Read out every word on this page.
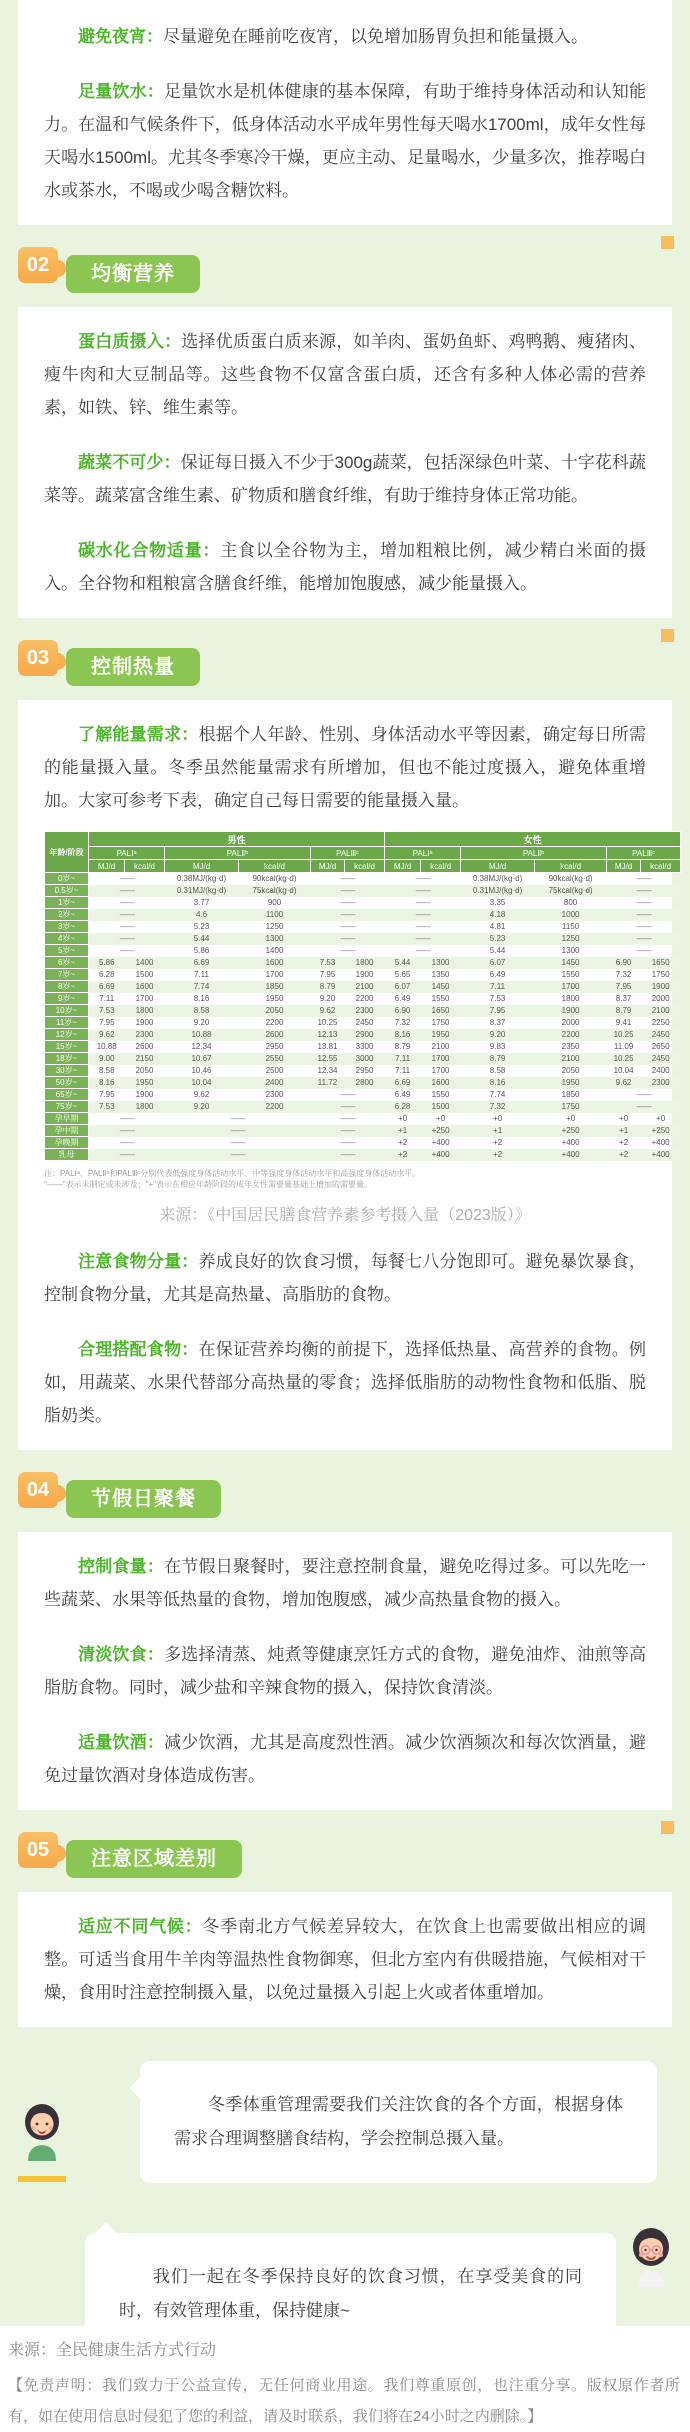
避免夜宵：尽量避免在睡前吃夜宵，以免增加肠胃负担和能量摄入。

足量饮水：足量饮水是机体健康的基本保障，有助于维持身体活动和认知能力。在温和气候条件下，低身体活动水平成年男性每天喝水1700ml，成年女性每天喝水1500ml。尤其冬季寒冷干燥，更应主动、足量喝水，少量多次，推荐喝白水或茶水，不喝或少喝含糖饮料。

02	均衡营养

蛋白质摄入：选择优质蛋白质来源，如羊肉、蛋奶鱼虾、鸡鸭鹅、瘦猪肉、瘦牛肉和大豆制品等。这些食物不仅富含蛋白质，还含有多种人体必需的营养素，如铁、锌、维生素等。

蔬菜不可少：保证每日摄入不少于300g蔬菜，包括深绿色叶菜、十字花科蔬菜等。蔬菜富含维生素、矿物质和膳食纤维，有助于维持身体正常功能。

碳水化合物适量：主食以全谷物为主，增加粗粮比例，减少精白米面的摄入。全谷物和粗粮富含膳食纤维，能增加饱腹感，减少能量摄入。

03	控制热量

了解能量需求：根据个人年龄、性别、身体活动水平等因素，确定每日所需的能量摄入量。冬季虽然能量需求有所增加，但也不能过度摄入，避免体重增加。大家可参考下表，确定自己每日需要的能量摄入量。

年龄/阶段	男性						女性					
	PALⅠᵃ		PALⅡᵇ		PALⅢᶜ		PALⅠᵃ		PALⅡᵇ		PALⅢᶜ	
	MJ/d	kcal/d	MJ/d	kcal/d	MJ/d	kcal/d	MJ/d	kcal/d	MJ/d	kcal/d	MJ/d	kcal/d
0岁~	——		0.38MJ/(kg·d)	90kcal(kg·d)	——		——		0.38MJ/(kg·d)	90kcal(kg·d)	——	
0.5岁~	——		0.31MJ/(kg·d)	75kcal(kg·d)	——		——		0.31MJ/(kg·d)	75kcal(kg·d)	——	
1岁~	——		3.77	900	——		——		3.35	800	——	
2岁~	——		4.6	1100	——		——		4.18	1000	——	
3岁~	——		5.23	1250	——		——		4.81	1150	——	
4岁~	——		5.44	1300	——		——		5.23	1250	——	
5岁~	——		5.86	1400	——		——		5.44	1300	——	
6岁~	5.86	1400	6.69	1600	7.53	1800	5.44	1300	6.07	1450	6.90	1650
7岁~	6.28	1500	7.11	1700	7.95	1900	5.65	1350	6.49	1550	7.32	1750
8岁~	6.69	1600	7.74	1850	8.79	2100	6.07	1450	7.11	1700	7.95	1900
9岁~	7.11	1700	8.16	1950	9.20	2200	6.49	1550	7.53	1800	8.37	2000
10岁~	7.53	1800	8.58	2050	9.62	2300	6.90	1650	7.95	1900	8.79	2100
11岁~	7.95	1900	9.20	2200	10.25	2450	7.32	1750	8.37	2000	9.41	2250
12岁~	9.62	2300	10.88	2600	12.13	2900	8.16	1950	9.20	2200	10.25	2450
15岁~	10.88	2600	12.34	2950	13.81	3300	8.79	2100	9.83	2350	11.09	2650
18岁~	9.00	2150	10.67	2550	12.55	3000	7.11	1700	8.79	2100	10.25	2450
30岁~	8.58	2050	10.46	2500	12.34	2950	7.11	1700	8.58	2050	10.04	2400
50岁~	8.16	1950	10.04	2400	11.72	2800	6.69	1600	8.16	1950	9.62	2300
65岁~	7.95	1900	9.62	2300	——		6.49	1550	7.74	1850	——	
75岁~	7.53	1800	9.20	2200	——		6.28	1500	7.32	1750	——	
孕早期	——		——		——		+0	+0	+0	+0	+0	+0
孕中期	——		——		——		+1	+250	+1	+250	+1	+250
孕晚期	——		——		——		+2	+400	+2	+400	+2	+400
乳母	——		——		——		+2	+400	+2	+400	+2	+400
注：PALⅠᵃ、PALⅡᵇ和PALⅢᶜ分别代表低强度身体活动水平、中等强度身体活动水平和高强度身体活动水平。
"——"表示未制定或未涉及；"+"表示在相应年龄阶段的成年女性需要量基础上增加的需要量。
来源：《中国居民膳食营养素参考摄入量（2023版）》

注意食物分量：养成良好的饮食习惯，每餐七八分饱即可。避免暴饮暴食，控制食物分量，尤其是高热量、高脂肪的食物。

合理搭配食物：在保证营养均衡的前提下，选择低热量、高营养的食物。例如，用蔬菜、水果代替部分高热量的零食；选择低脂肪的动物性食物和低脂、脱脂奶类。

04	节假日聚餐

控制食量：在节假日聚餐时，要注意控制食量，避免吃得过多。可以先吃一些蔬菜、水果等低热量的食物，增加饱腹感，减少高热量食物的摄入。

清淡饮食：多选择清蒸、炖煮等健康烹饪方式的食物，避免油炸、油煎等高脂肪食物。同时，减少盐和辛辣食物的摄入，保持饮食清淡。

适量饮酒：减少饮酒，尤其是高度烈性酒。减少饮酒频次和每次饮酒量，避免过量饮酒对身体造成伤害。

05	注意区域差别

适应不同气候：冬季南北方气候差异较大，在饮食上也需要做出相应的调整。可适当食用牛羊肉等温热性食物御寒，但北方室内有供暖措施，气候相对干燥，食用时注意控制摄入量，以免过量摄入引起上火或者体重增加。

冬季体重管理需要我们关注饮食的各个方面，根据身体需求合理调整膳食结构，学会控制总摄入量。
我们一起在冬季保持良好的饮食习惯，在享受美食的同时，有效管理体重，保持健康~

来源：全民健康生活方式行动

【免责声明：我们致力于公益宣传，无任何商业用途。我们尊重原创，也注重分享。版权原作者所有，如在使用信息时侵犯了您的利益，请及时联系，我们将在24小时之内删除。】
